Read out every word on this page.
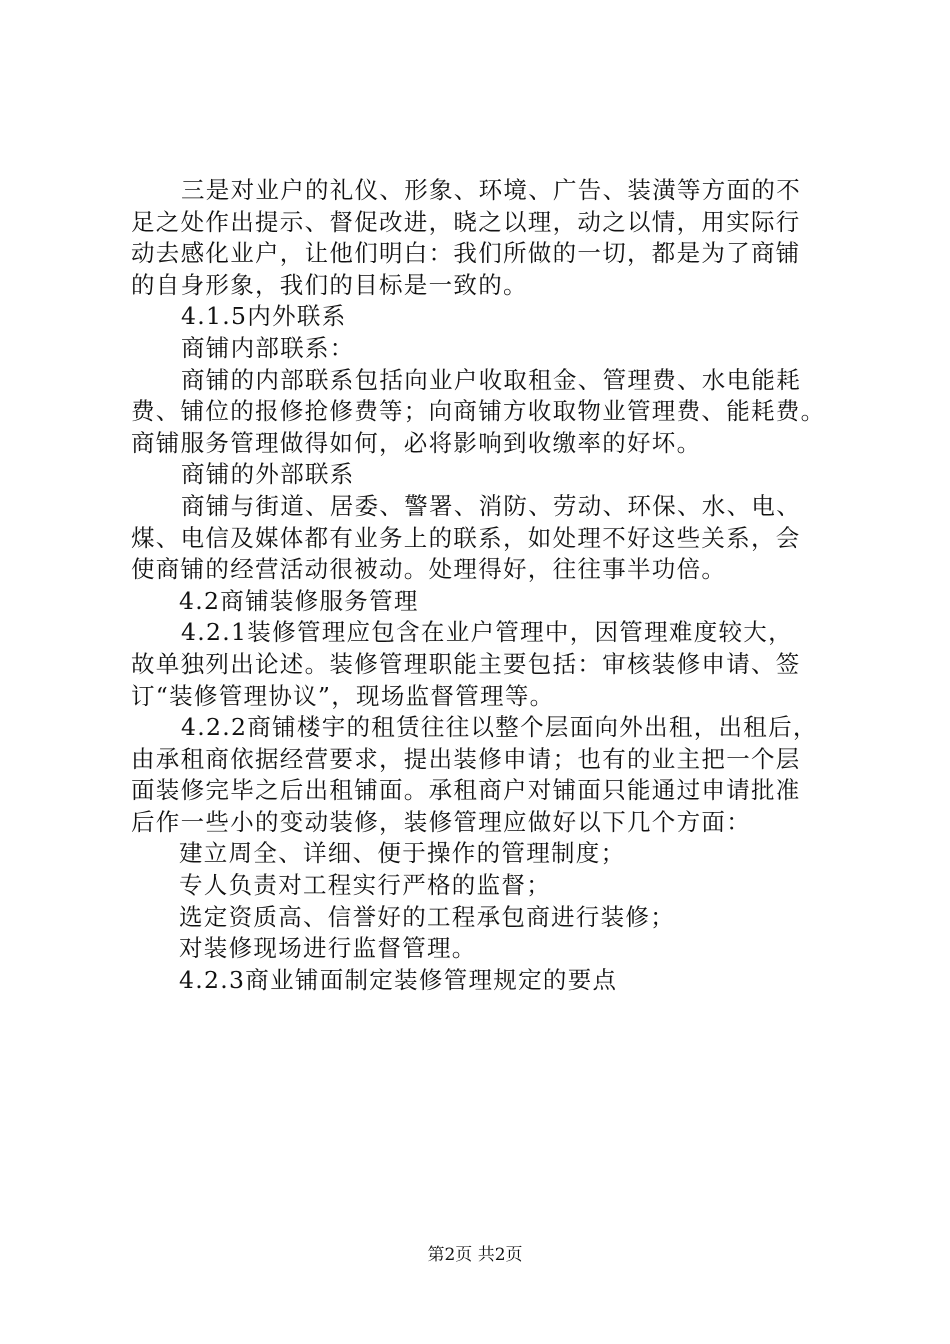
三是对业户的礼仪、形象、环境、广告、装潢等方面的不
足之处作出提示、督促改进，晓之以理，动之以情，用实际行
动去感化业户，让他们明白：我们所做的一切，都是为了商铺
的自身形象，我们的目标是一致的。
4.1.5内外联系
商铺内部联系：
商铺的内部联系包括向业户收取租金、管理费、水电能耗
费、铺位的报修抢修费等；向商铺方收取物业管理费、能耗费。
商铺服务管理做得如何，必将影响到收缴率的好坏。
商铺的外部联系
商铺与街道、居委、警署、消防、劳动、环保、水、电、
煤、电信及媒体都有业务上的联系，如处理不好这些关系，会
使商铺的经营活动很被动。处理得好，往往事半功倍。
4.2商铺装修服务管理
4.2.1装修管理应包含在业户管理中，因管理难度较大，
故单独列出论述。装修管理职能主要包括：审核装修申请、签
订“装修管理协议”，现场监督管理等。
4.2.2商铺楼宇的租赁往往以整个层面向外出租，出租后，
由承租商依据经营要求，提出装修申请；也有的业主把一个层
面装修完毕之后出租铺面。承租商户对铺面只能通过申请批准
后作一些小的变动装修，装修管理应做好以下几个方面：
建立周全、详细、便于操作的管理制度；
专人负责对工程实行严格的监督；
选定资质高、信誉好的工程承包商进行装修；
对装修现场进行监督管理。
4.2.3商业铺面制定装修管理规定的要点
第2页 共2页
